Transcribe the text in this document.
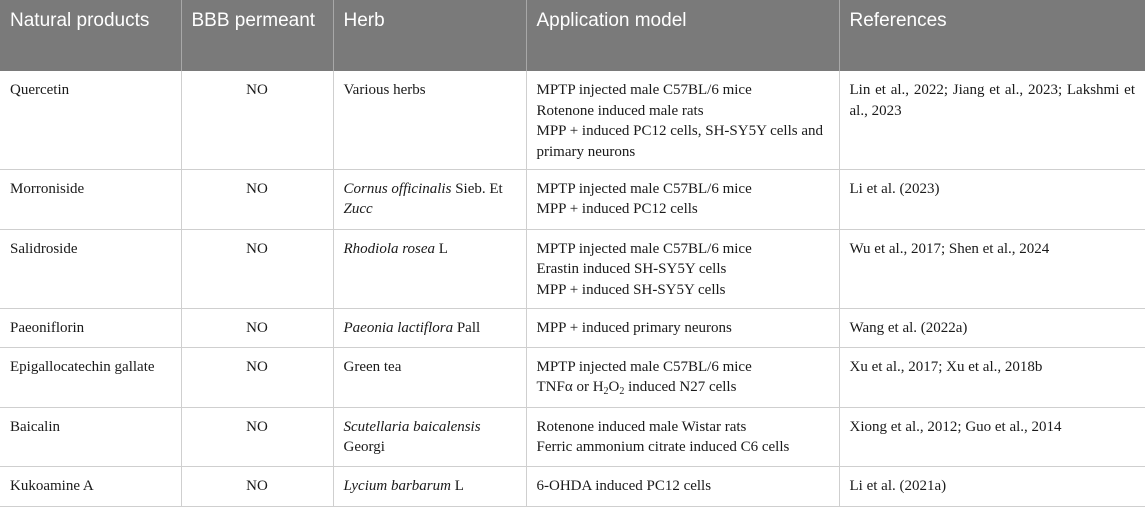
Natural products	BBB permeant	Herb	Application model	References
Quercetin	NO	Various herbs	MPTP injected male C57BL/6 mice
Rotenone induced male rats
MPP + induced PC12 cells, SH-SY5Y cells and primary neurons	Lin et al., 2022; Jiang et al., 2023; Lakshmi et al., 2023
Morroniside	NO	Cornus officinalis Sieb. Et Zucc	MPTP injected male C57BL/6 mice
MPP + induced PC12 cells	Li et al. (2023)
Salidroside	NO	Rhodiola rosea L	MPTP injected male C57BL/6 mice
Erastin induced SH-SY5Y cells
MPP + induced SH-SY5Y cells	Wu et al., 2017; Shen et al., 2024
Paeoniflorin	NO	Paeonia lactiflora Pall	MPP + induced primary neurons	Wang et al. (2022a)
Epigallocatechin gallate	NO	Green tea	MPTP injected male C57BL/6 mice
TNFα or $H_2O_2$ induced N27 cells	Xu et al., 2017; Xu et al., 2018b
Baicalin	NO	Scutellaria baicalensis Georgi	Rotenone induced male Wistar rats
Ferric ammonium citrate induced C6 cells	Xiong et al., 2012; Guo et al., 2014
Kukoamine A	NO	Lycium barbarum L	6-OHDA induced PC12 cells	Li et al. (2021a)
